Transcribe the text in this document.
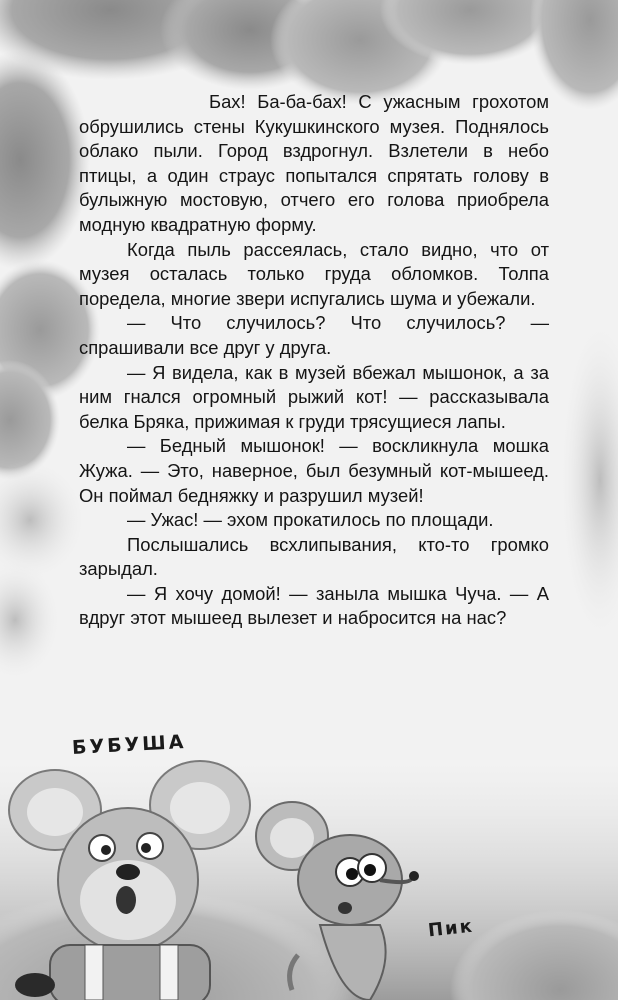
Бах! Ба-ба-бах! С ужасным грохотом обрушились стены Кукушкинского музея. Поднялось облако пыли. Город вздрогнул. Взлетели в небо птицы, а один страус попытался спрятать голову в булыжную мостовую, отчего его голова приобрела модную квадратную форму.

Когда пыль рассеялась, стало видно, что от музея осталась только груда обломков. Толпа поредела, многие звери испугались шума и убежали.

— Что случилось? Что случилось? — спрашивали все друг у друга.

— Я видела, как в музей вбежал мышонок, а за ним гнался огромный рыжий кот! — рассказывала белка Бряка, прижимая к груди трясущиеся лапы.

— Бедный мышонок! — воскликнула мошка Жужа. — Это, наверное, был безумный кот-мышеед. Он поймал бедняжку и разрушил музей!

— Ужас! — эхом прокатилось по площади.

Послышались всхлипывания, кто-то громко зарыдал.

— Я хочу домой! — заныла мышка Чуча. — А вдруг этот мышеед вылезет и набросится на нас?

БУБУША
Пик
